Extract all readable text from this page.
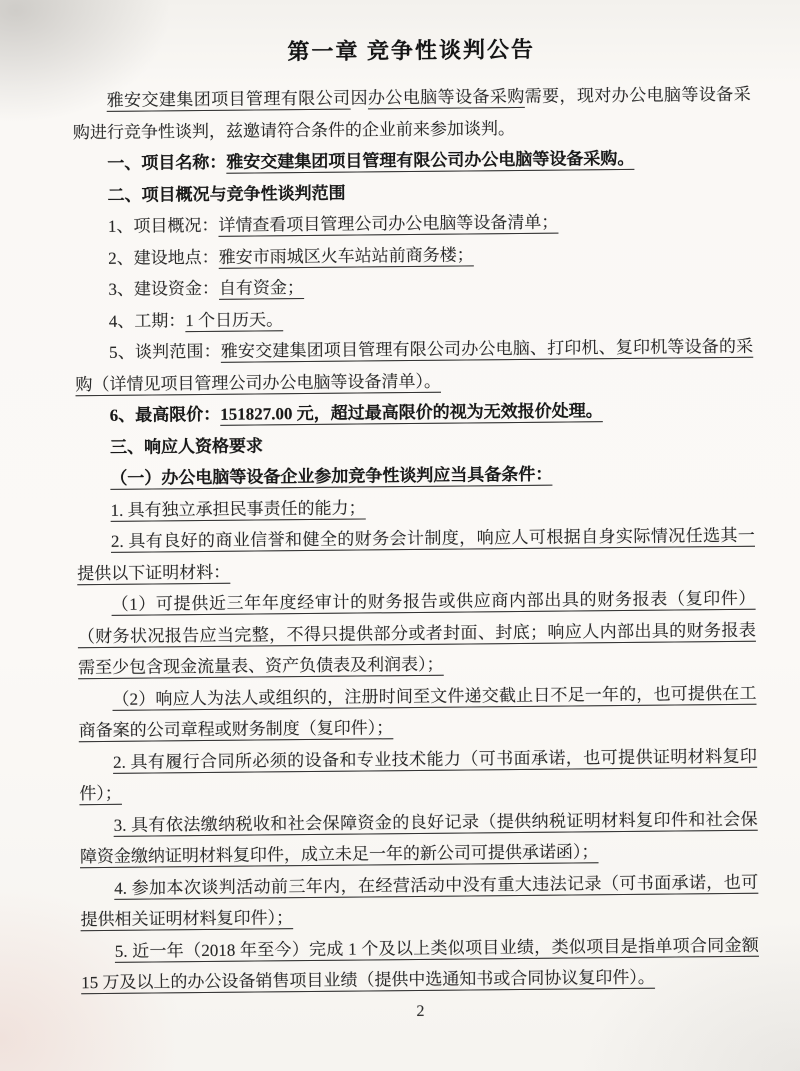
第一章 竞争性谈判公告

雅安交建集团项目管理有限公司因办公电脑等设备采购需要，现对办公电脑等设备采购进行竞争性谈判，兹邀请符合条件的企业前来参加谈判。

一、项目名称：雅安交建集团项目管理有限公司办公电脑等设备采购。

二、项目概况与竞争性谈判范围

1、项目概况：详情查看项目管理公司办公电脑等设备清单；

2、建设地点：雅安市雨城区火车站站前商务楼；

3、建设资金：自有资金；

4、工期：1 个日历天。

5、谈判范围：雅安交建集团项目管理有限公司办公电脑、打印机、复印机等设备的采购（详情见项目管理公司办公电脑等设备清单）。

6、最高限价：151827.00 元，超过最高限价的视为无效报价处理。

三、响应人资格要求

（一）办公电脑等设备企业参加竞争性谈判应当具备条件：

1. 具有独立承担民事责任的能力；

2. 具有良好的商业信誉和健全的财务会计制度，响应人可根据自身实际情况任选其一提供以下证明材料：

（1）可提供近三年年度经审计的财务报告或供应商内部出具的财务报表（复印件）（财务状况报告应当完整，不得只提供部分或者封面、封底；响应人内部出具的财务报表需至少包含现金流量表、资产负债表及利润表）；

（2）响应人为法人或组织的，注册时间至文件递交截止日不足一年的，也可提供在工商备案的公司章程或财务制度（复印件）；

2. 具有履行合同所必须的设备和专业技术能力（可书面承诺，也可提供证明材料复印件）；

3. 具有依法缴纳税收和社会保障资金的良好记录（提供纳税证明材料复印件和社会保障资金缴纳证明材料复印件，成立未足一年的新公司可提供承诺函）；

4. 参加本次谈判活动前三年内，在经营活动中没有重大违法记录（可书面承诺，也可提供相关证明材料复印件）；

5. 近一年（2018 年至今）完成 1 个及以上类似项目业绩，类似项目是指单项合同金额 15 万及以上的办公设备销售项目业绩（提供中选通知书或合同协议复印件）。

2
